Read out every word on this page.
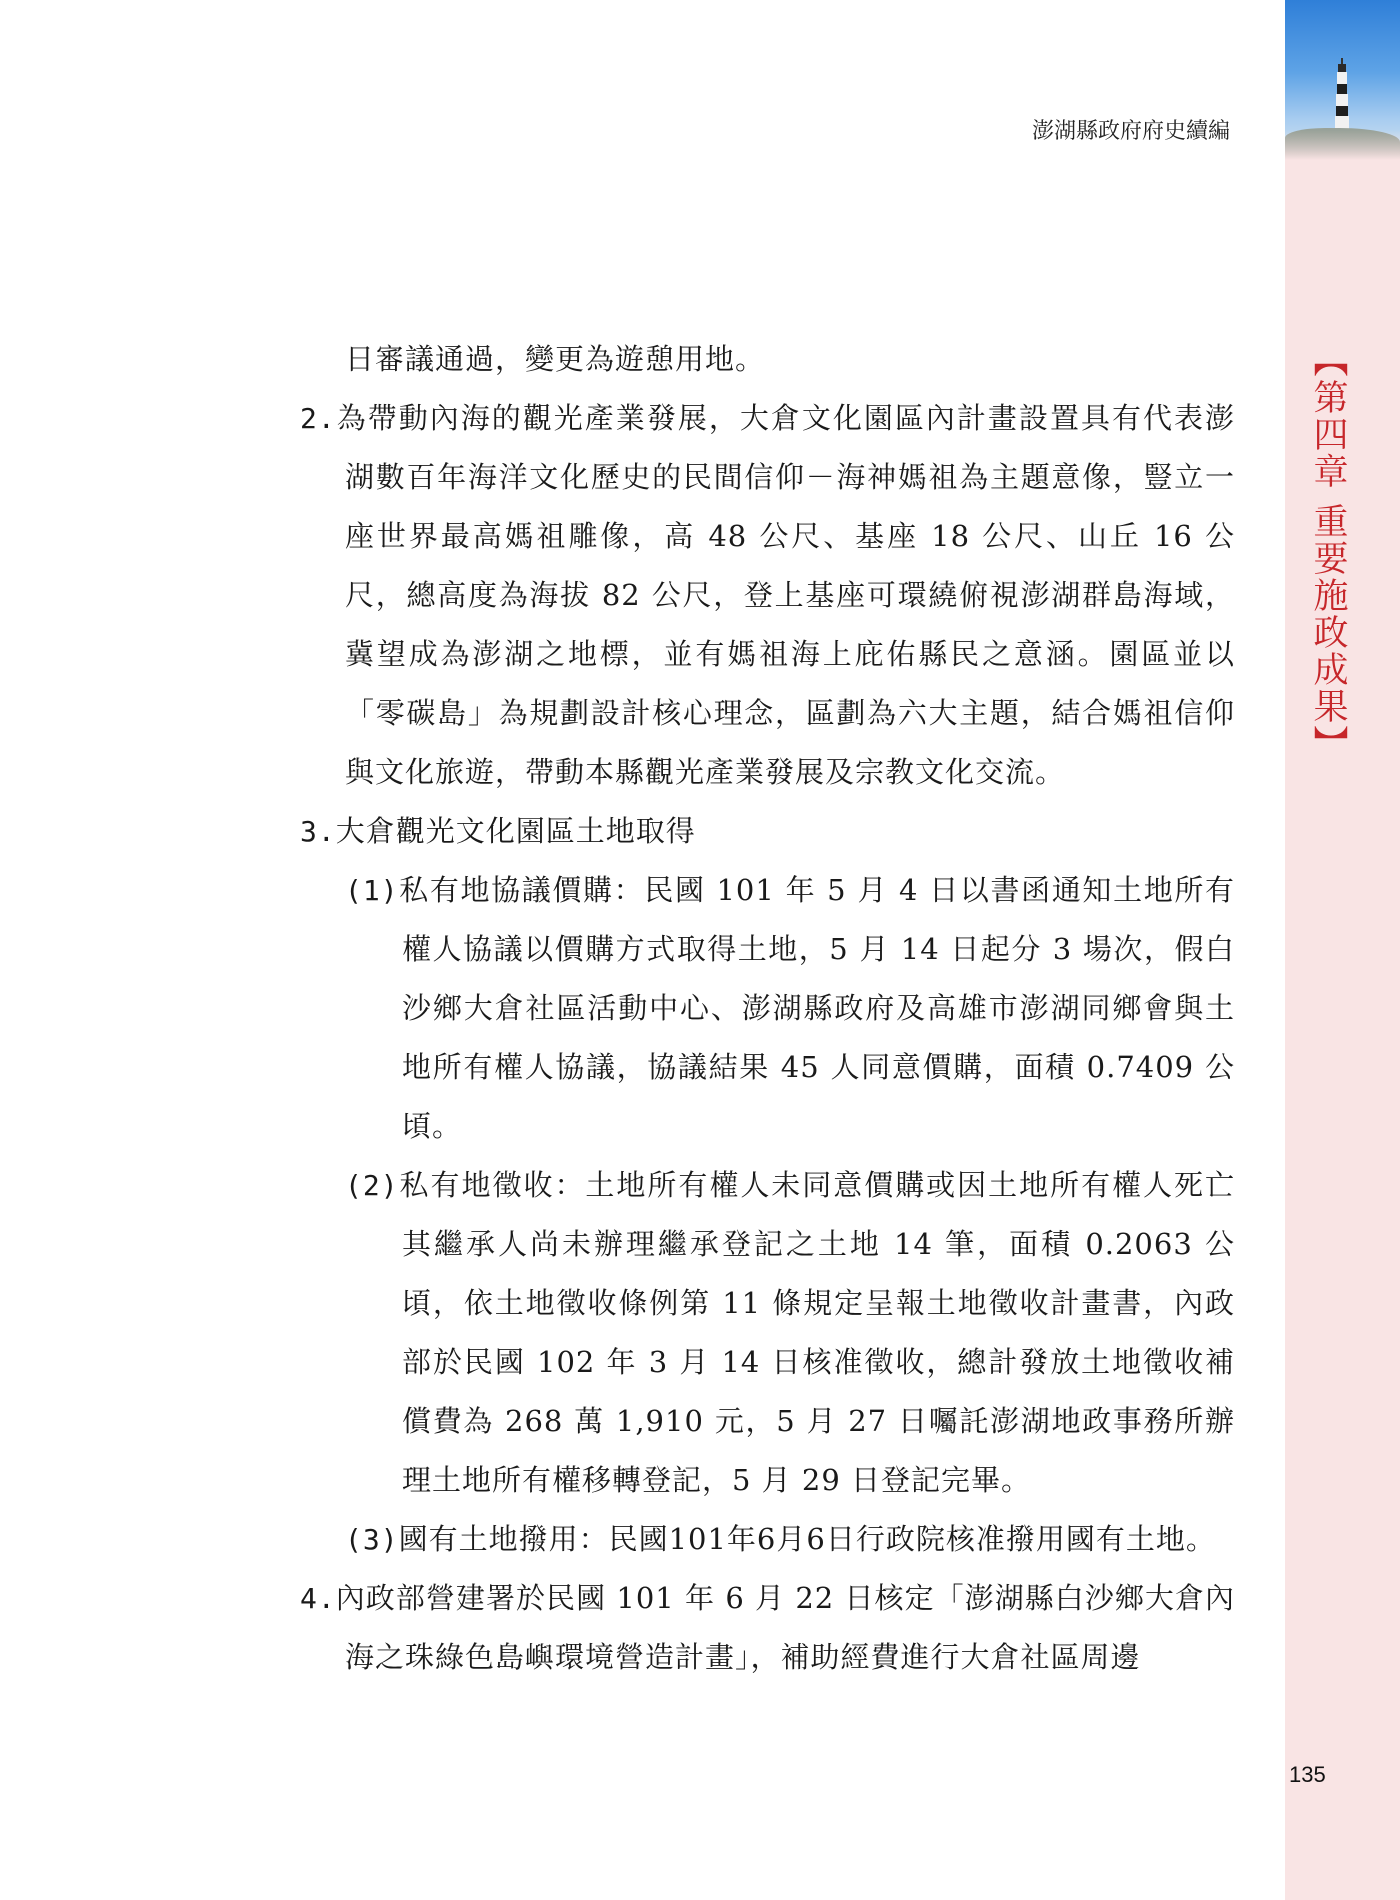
【第四章 重要施政成果】
澎湖縣政府府史續編

日審議通過，變更為遊憩用地。

2.為帶動內海的觀光產業發展，大倉文化園區內計畫設置具有代表澎湖數百年海洋文化歷史的民間信仰－海神媽祖為主題意像，豎立一座世界最高媽祖雕像，高 48 公尺、基座 18 公尺、山丘 16 公尺，總高度為海拔 82 公尺，登上基座可環繞俯視澎湖群島海域，冀望成為澎湖之地標，並有媽祖海上庇佑縣民之意涵。園區並以「零碳島」為規劃設計核心理念，區劃為六大主題，結合媽祖信仰與文化旅遊，帶動本縣觀光產業發展及宗教文化交流。

3.大倉觀光文化園區土地取得

(1)私有地協議價購：民國 101 年 5 月 4 日以書函通知土地所有權人協議以價購方式取得土地，5 月 14 日起分 3 場次，假白沙鄉大倉社區活動中心、澎湖縣政府及高雄市澎湖同鄉會與土地所有權人協議，協議結果 45 人同意價購，面積 0.7409 公頃。

(2)私有地徵收：土地所有權人未同意價購或因土地所有權人死亡其繼承人尚未辦理繼承登記之土地 14 筆，面積 0.2063 公頃，依土地徵收條例第 11 條規定呈報土地徵收計畫書，內政部於民國 102 年 3 月 14 日核准徵收，總計發放土地徵收補償費為 268 萬 1,910 元，5 月 27 日囑託澎湖地政事務所辦理土地所有權移轉登記，5 月 29 日登記完畢。

(3)國有土地撥用：民國101年6月6日行政院核准撥用國有土地。

4.內政部營建署於民國 101 年 6 月 22 日核定「澎湖縣白沙鄉大倉內海之珠綠色島嶼環境營造計畫」，補助經費進行大倉社區周邊

135
